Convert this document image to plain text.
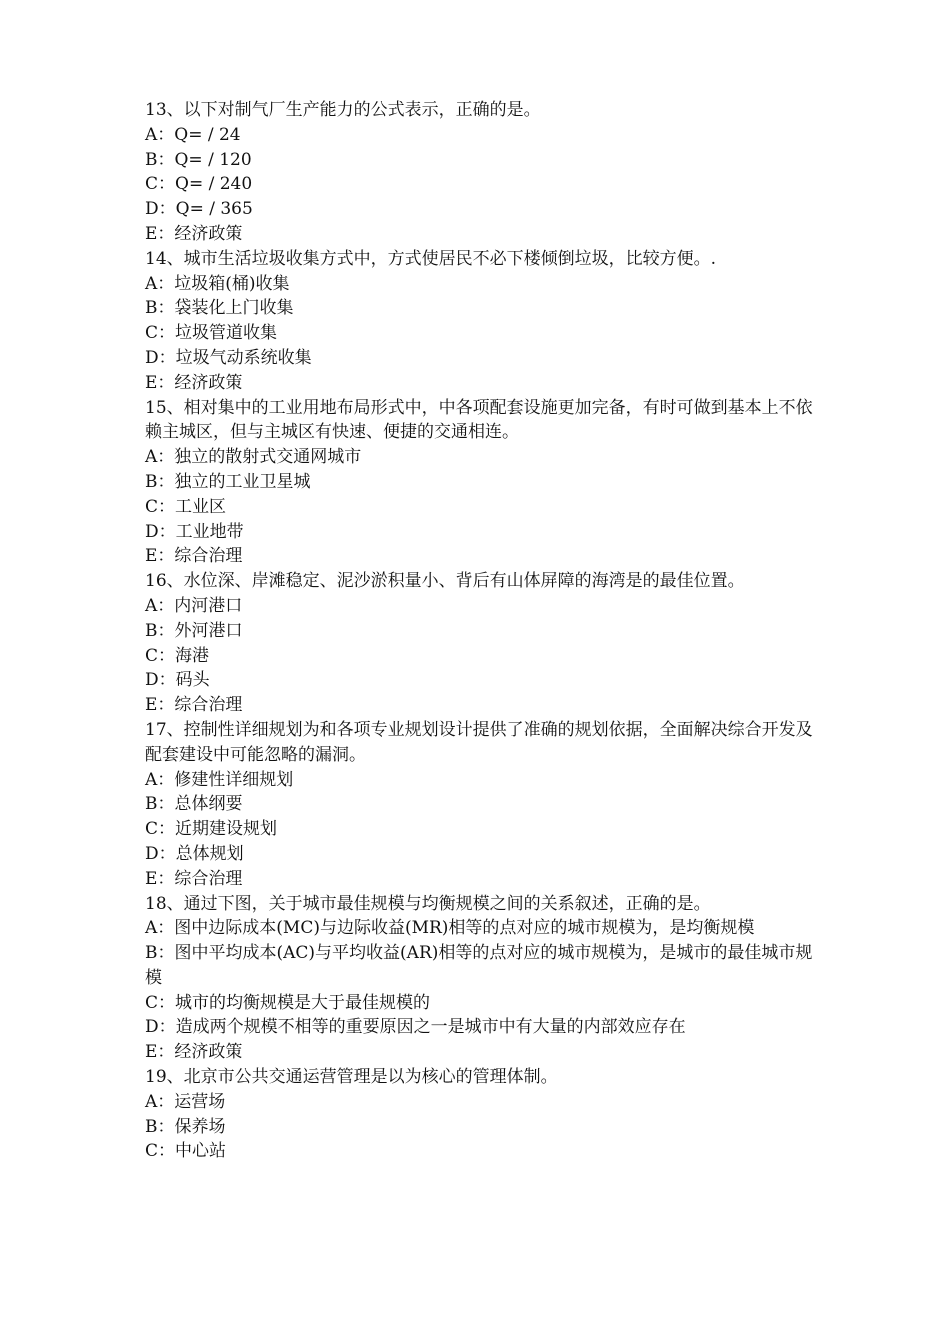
13、以下对制气厂生产能力的公式表示，正确的是。

A：Q= / 24

B：Q= / 120

C：Q= / 240

D：Q= / 365

E：经济政策

14、城市生活垃圾收集方式中，方式使居民不必下楼倾倒垃圾，比较方便。.

A：垃圾箱(桶)收集

B：袋装化上门收集

C：垃圾管道收集

D：垃圾气动系统收集

E：经济政策

15、相对集中的工业用地布局形式中，中各项配套设施更加完备，有时可做到基本上不依赖主城区，但与主城区有快速、便捷的交通相连。

A：独立的散射式交通网城市

B：独立的工业卫星城

C：工业区

D：工业地带

E：综合治理

16、水位深、岸滩稳定、泥沙淤积量小、背后有山体屏障的海湾是的最佳位置。

A：内河港口

B：外河港口

C：海港

D：码头

E：综合治理

17、控制性详细规划为和各项专业规划设计提供了准确的规划依据，全面解决综合开发及配套建设中可能忽略的漏洞。

A：修建性详细规划

B：总体纲要

C：近期建设规划

D：总体规划

E：综合治理

18、通过下图，关于城市最佳规模与均衡规模之间的关系叙述，正确的是。

A：图中边际成本(MC)与边际收益(MR)相等的点对应的城市规模为，是均衡规模

B：图中平均成本(AC)与平均收益(AR)相等的点对应的城市规模为，是城市的最佳城市规模

C：城市的均衡规模是大于最佳规模的

D：造成两个规模不相等的重要原因之一是城市中有大量的内部效应存在

E：经济政策

19、北京市公共交通运营管理是以为核心的管理体制。

A：运营场

B：保养场

C：中心站
